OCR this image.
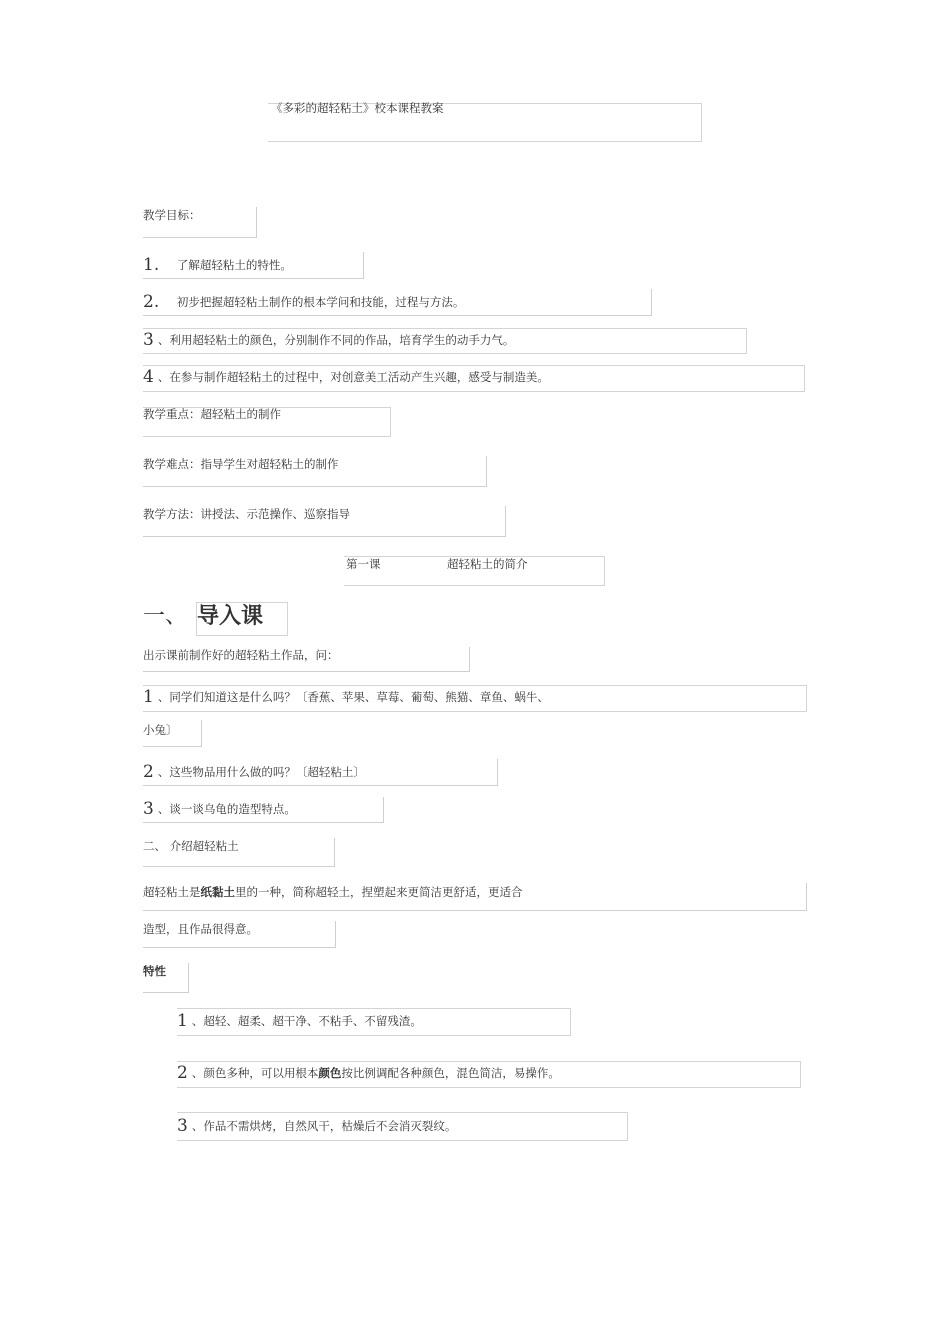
《多彩的超轻粘土》校本课程教案
教学目标：
1. 了解超轻粘土的特性。
2. 初步把握超轻粘土制作的根本学问和技能，过程与方法。
3 、利用超轻粘土的颜色，分别制作不同的作品，培育学生的动手力气。
4 、在参与制作超轻粘土的过程中，对创意美工活动产生兴趣，感受与制造美。
教学重点：超轻粘土的制作
教学难点：指导学生对超轻粘土的制作
教学方法：讲授法、示范操作、巡察指导
第一课	超轻粘土的简介
一、 导入课
出示课前制作好的超轻粘土作品，问：
1 、同学们知道这是什么吗？〔香蕉、苹果、草莓、葡萄、熊猫、章鱼、蜗牛、
小兔〕
2 、这些物品用什么做的吗？〔超轻粘土〕
3 、谈一谈乌龟的造型特点。
二、 介绍超轻粘土
超轻粘土是纸黏土里的一种，简称超轻土，捏塑起来更简洁更舒适，更适合
造型，且作品很得意。
特性
1 、超轻、超柔、超干净、不粘手、不留残渣。
2 、颜色多种，可以用根本颜色按比例调配各种颜色，混色简洁，易操作。
3 、作品不需烘烤，自然风干，枯燥后不会消灭裂纹。
